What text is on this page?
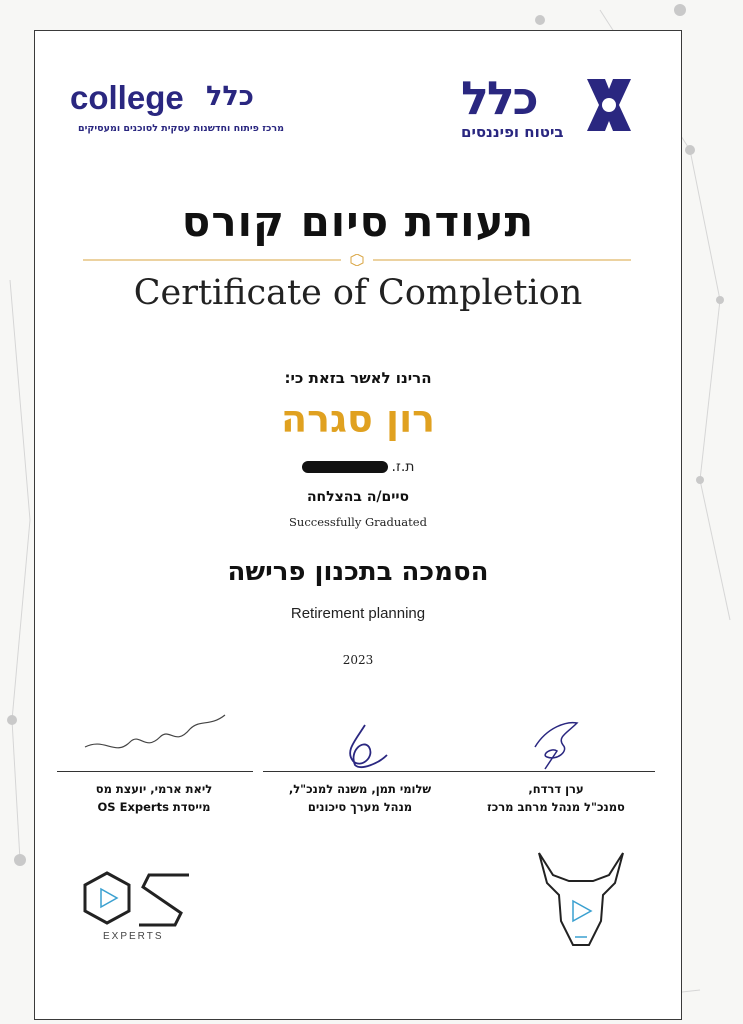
college כלל
מרכז פיתוח וחדשנות עסקית לסוכנים ומעסיקים
כלל
ביטוח ופיננסים
תעודת סיום קורס
Certificate of Completion
הרינו לאשר בזאת כי:
רון סגרה
ת.ז.
סיים/ה בהצלחה
Successfully Graduated
הסמכה בתכנון פרישה
Retirement planning
2023
ערן דרדח,
סמנכ"ל מנהל מרחב מרכז
שלומי תמן, משנה למנכ"ל,
מנהל מערך סיכונים
ליאת ארמי, יועצת מס
מייסדת OS Experts
EXPERTS
